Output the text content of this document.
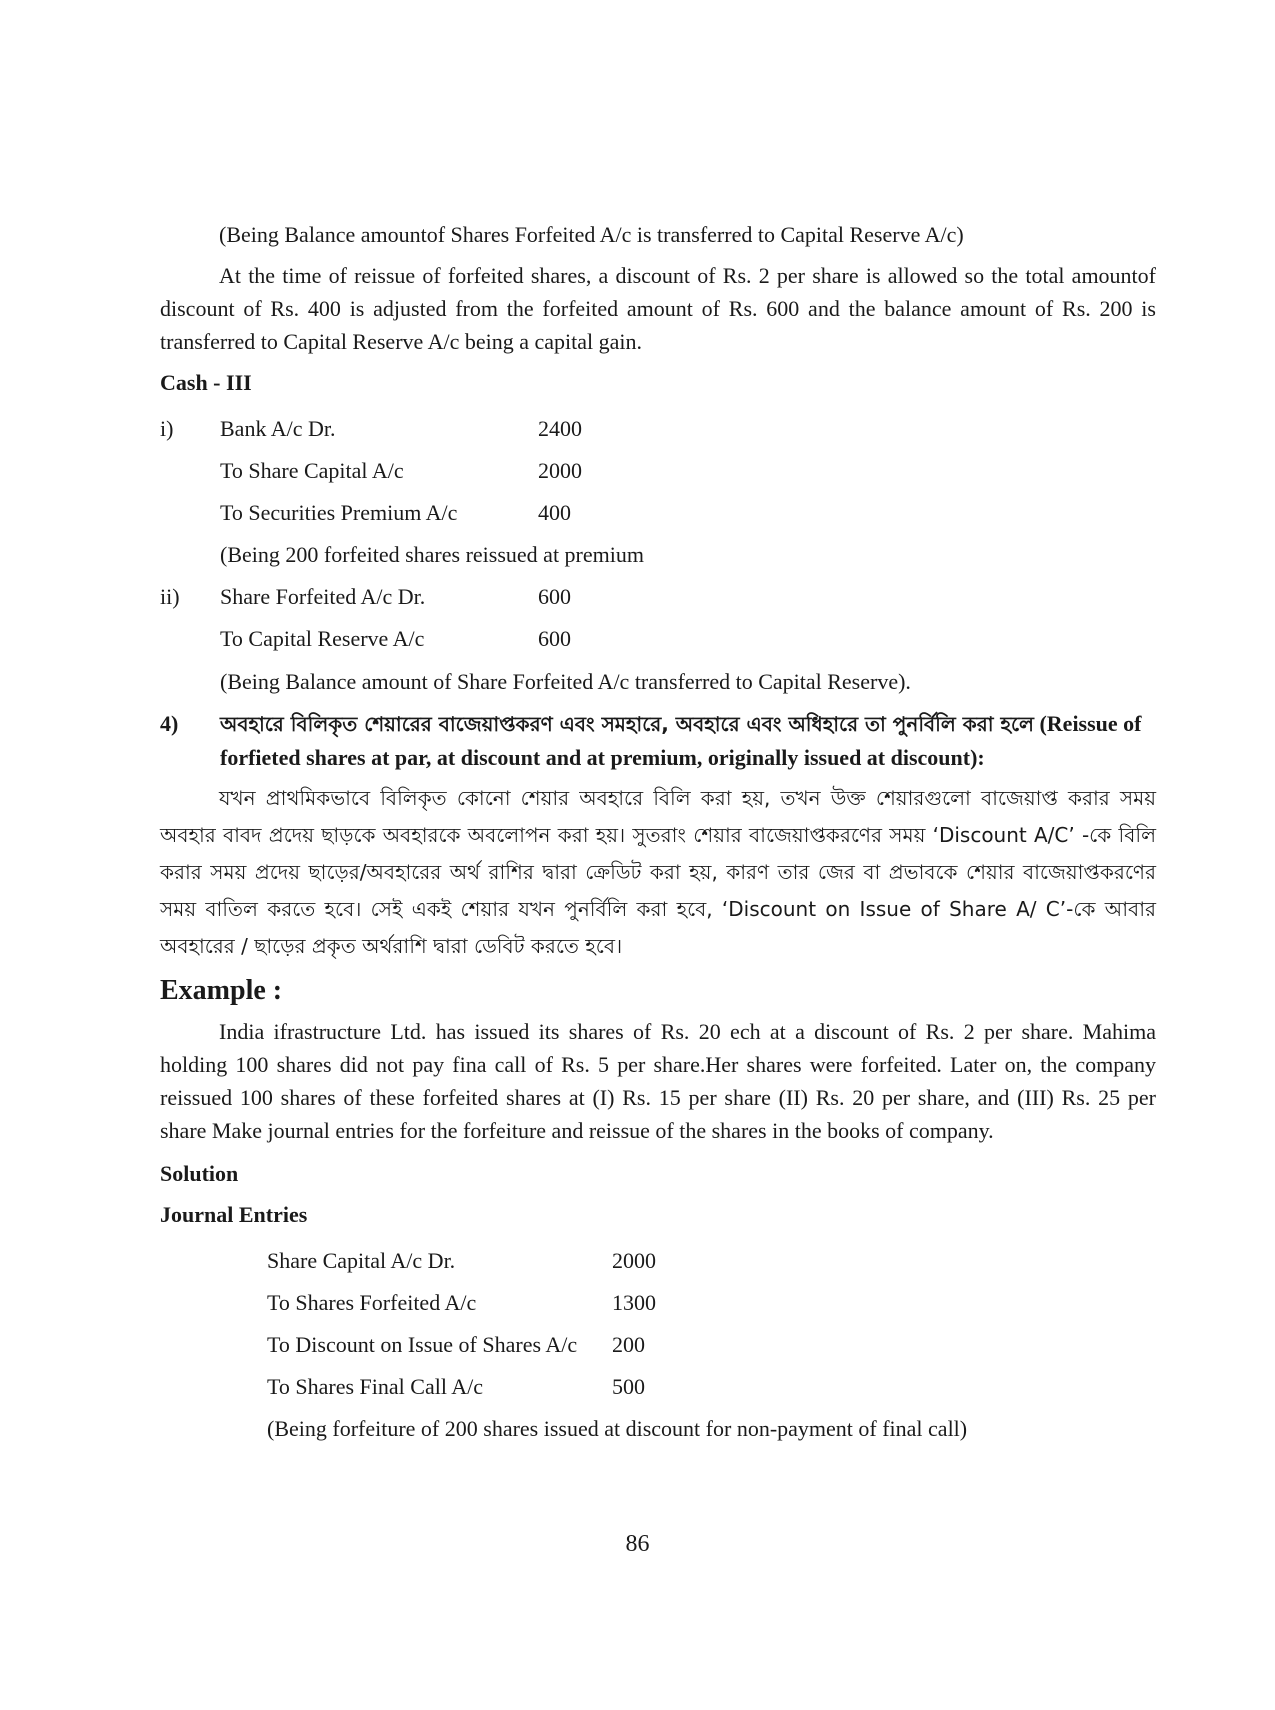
(Being Balance amountof Shares Forfeited A/c is transferred to Capital Reserve A/c)

At the time of reissue of forfeited shares, a discount of Rs. 2 per share is allowed so the total amountof discount of Rs. 400 is adjusted from the forfeited amount of Rs. 600 and the balance amount of Rs. 200 is transferred to Capital Reserve A/c being a capital gain.

Cash - III

i)	Bank A/c Dr.	2400
To Share Capital A/c	2000
To Securities Premium A/c	400
(Being 200 forfeited shares reissued at premium
ii)	Share Forfeited A/c Dr.	600
To Capital Reserve A/c	600
(Being Balance amount of Share Forfeited A/c transferred to Capital Reserve).
4)	অবহারে বিলিকৃত শেয়ারের বাজেয়াপ্তকরণ এবং সমহারে, অবহারে এবং অধিহারে তা পুনর্বিলি করা হলে (Reissue of forfieted shares at par, at discount and at premium, originally issued at discount):

যখন প্রাথমিকভাবে বিলিকৃত কোনো শেয়ার অবহারে বিলি করা হয়, তখন উক্ত শেয়ারগুলো বাজেয়াপ্ত করার সময় অবহার বাবদ প্রদেয় ছাড়কে অবহারকে অবলোপন করা হয়। সুতরাং শেয়ার বাজেয়াপ্তকরণের সময় ‘Discount A/C’ -কে বিলি করার সময় প্রদেয় ছাড়ের/অবহারের অর্থ রাশির দ্বারা ক্রেডিট করা হয়, কারণ তার জের বা প্রভাবকে শেয়ার বাজেয়াপ্তকরণের সময় বাতিল করতে হবে। সেই একই শেয়ার যখন পুনর্বিলি করা হবে, ‘Discount on Issue of Share A/ C’-কে আবার অবহারের / ছাড়ের প্রকৃত অর্থরাশি দ্বারা ডেবিট করতে হবে।

Example :

India ifrastructure Ltd. has issued its shares of Rs. 20 ech at a discount of Rs. 2 per share. Mahima holding 100 shares did not pay fina call of Rs. 5 per share.Her shares were forfeited. Later on, the company reissued 100 shares of these forfeited shares at (I) Rs. 15 per share (II) Rs. 20 per share, and (III) Rs. 25 per share Make journal entries for the forfeiture and reissue of the shares in the books of company.

Solution

Journal Entries

Share Capital A/c Dr.	2000
To Shares Forfeited A/c	1300
To Discount on Issue of Shares A/c	200
To Shares Final Call A/c	500
(Being forfeiture of 200 shares issued at discount for non-payment of final call)
86
